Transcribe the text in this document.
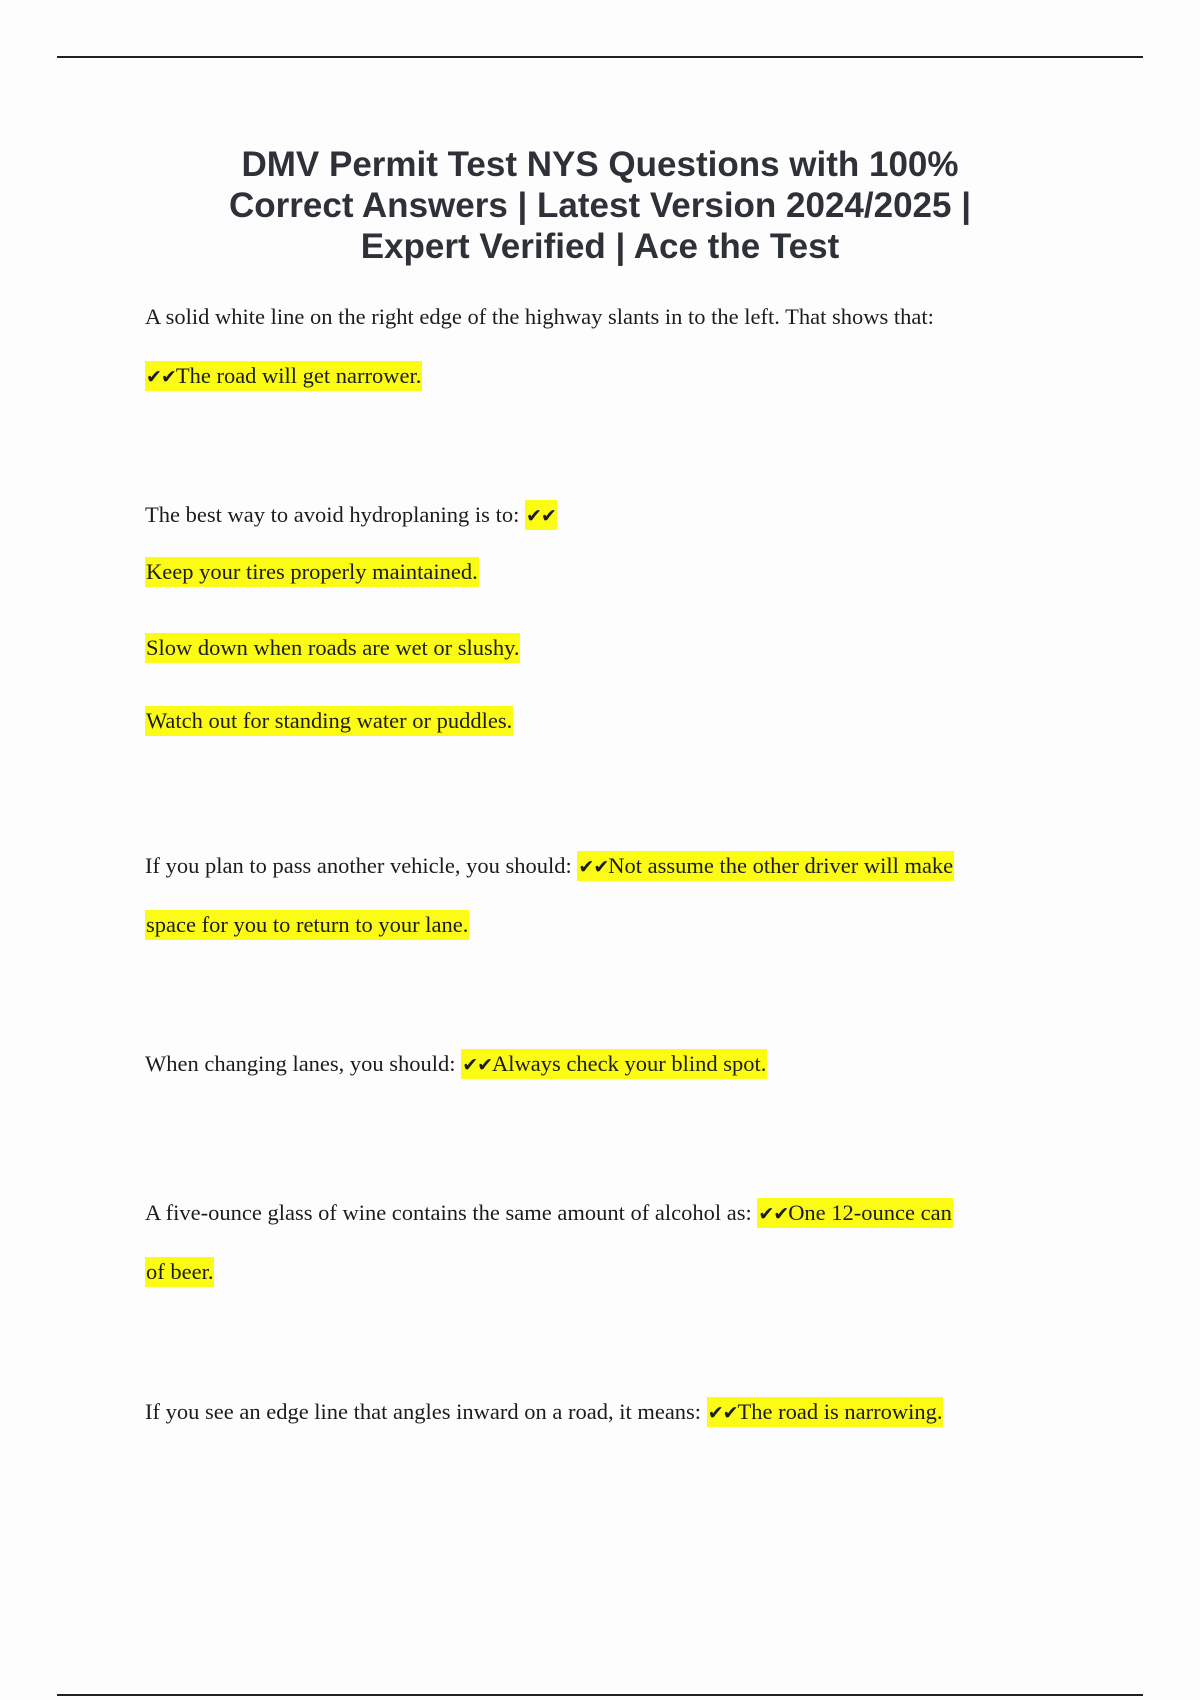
DMV Permit Test NYS Questions with 100%
Correct Answers | Latest Version 2024/2025 |
Expert Verified | Ace the Test
A solid white line on the right edge of the highway slants in to the left. That shows that:
✔✔The road will get narrower.
The best way to avoid hydroplaning is to: ✔✔
Keep your tires properly maintained.
Slow down when roads are wet or slushy.
Watch out for standing water or puddles.
If you plan to pass another vehicle, you should: ✔✔Not assume the other driver will make
space for you to return to your lane.
When changing lanes, you should: ✔✔Always check your blind spot.
A five-ounce glass of wine contains the same amount of alcohol as: ✔✔One 12-ounce can
of beer.
If you see an edge line that angles inward on a road, it means: ✔✔The road is narrowing.
